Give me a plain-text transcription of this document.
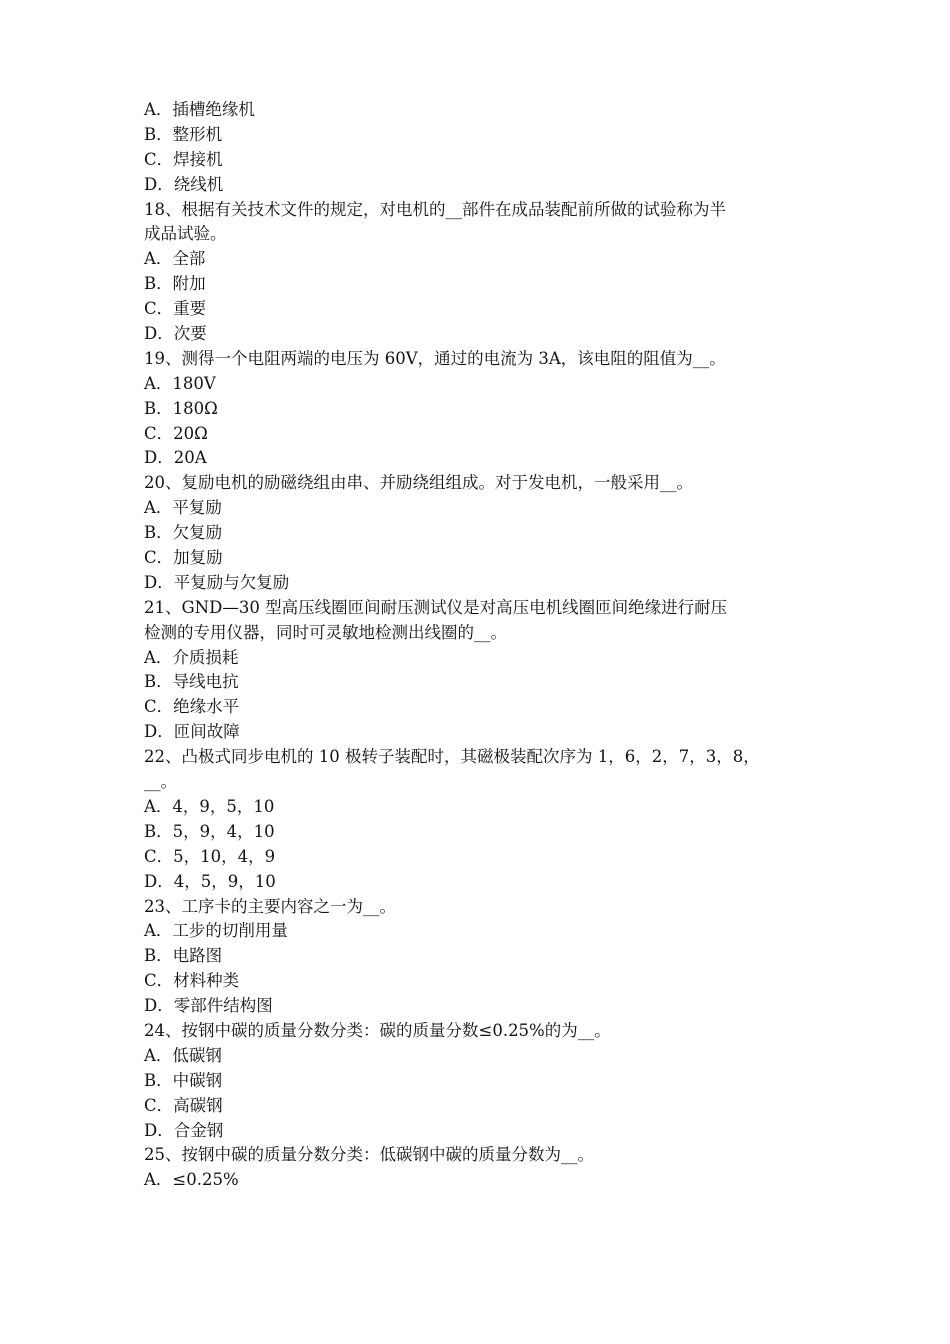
A．插槽绝缘机
B．整形机
C．焊接机
D．绕线机
18、根据有关技术文件的规定，对电机的__部件在成品装配前所做的试验称为半
成品试验。
A．全部
B．附加
C．重要
D．次要
19、测得一个电阻两端的电压为 60V，通过的电流为 3A，该电阻的阻值为__。
A．180V
B．180Ω
C．20Ω
D．20A
20、复励电机的励磁绕组由串、并励绕组组成。对于发电机，一般采用__。
A．平复励
B．欠复励
C．加复励
D．平复励与欠复励
21、GND—30 型高压线圈匝间耐压测试仪是对高压电机线圈匝间绝缘进行耐压
检测的专用仪器，同时可灵敏地检测出线圈的__。
A．介质损耗
B．导线电抗
C．绝缘水平
D．匝间故障
22、凸极式同步电机的 10 极转子装配时，其磁极装配次序为 1，6，2，7，3，8，
__。
A．4，9，5，10
B．5，9，4，10
C．5，10，4，9
D．4，5，9，10
23、工序卡的主要内容之一为__。
A．工步的切削用量
B．电路图
C．材料种类
D．零部件结构图
24、按钢中碳的质量分数分类：碳的质量分数≤0.25%的为__。
A．低碳钢
B．中碳钢
C．高碳钢
D．合金钢
25、按钢中碳的质量分数分类：低碳钢中碳的质量分数为__。
A．≤0.25%
